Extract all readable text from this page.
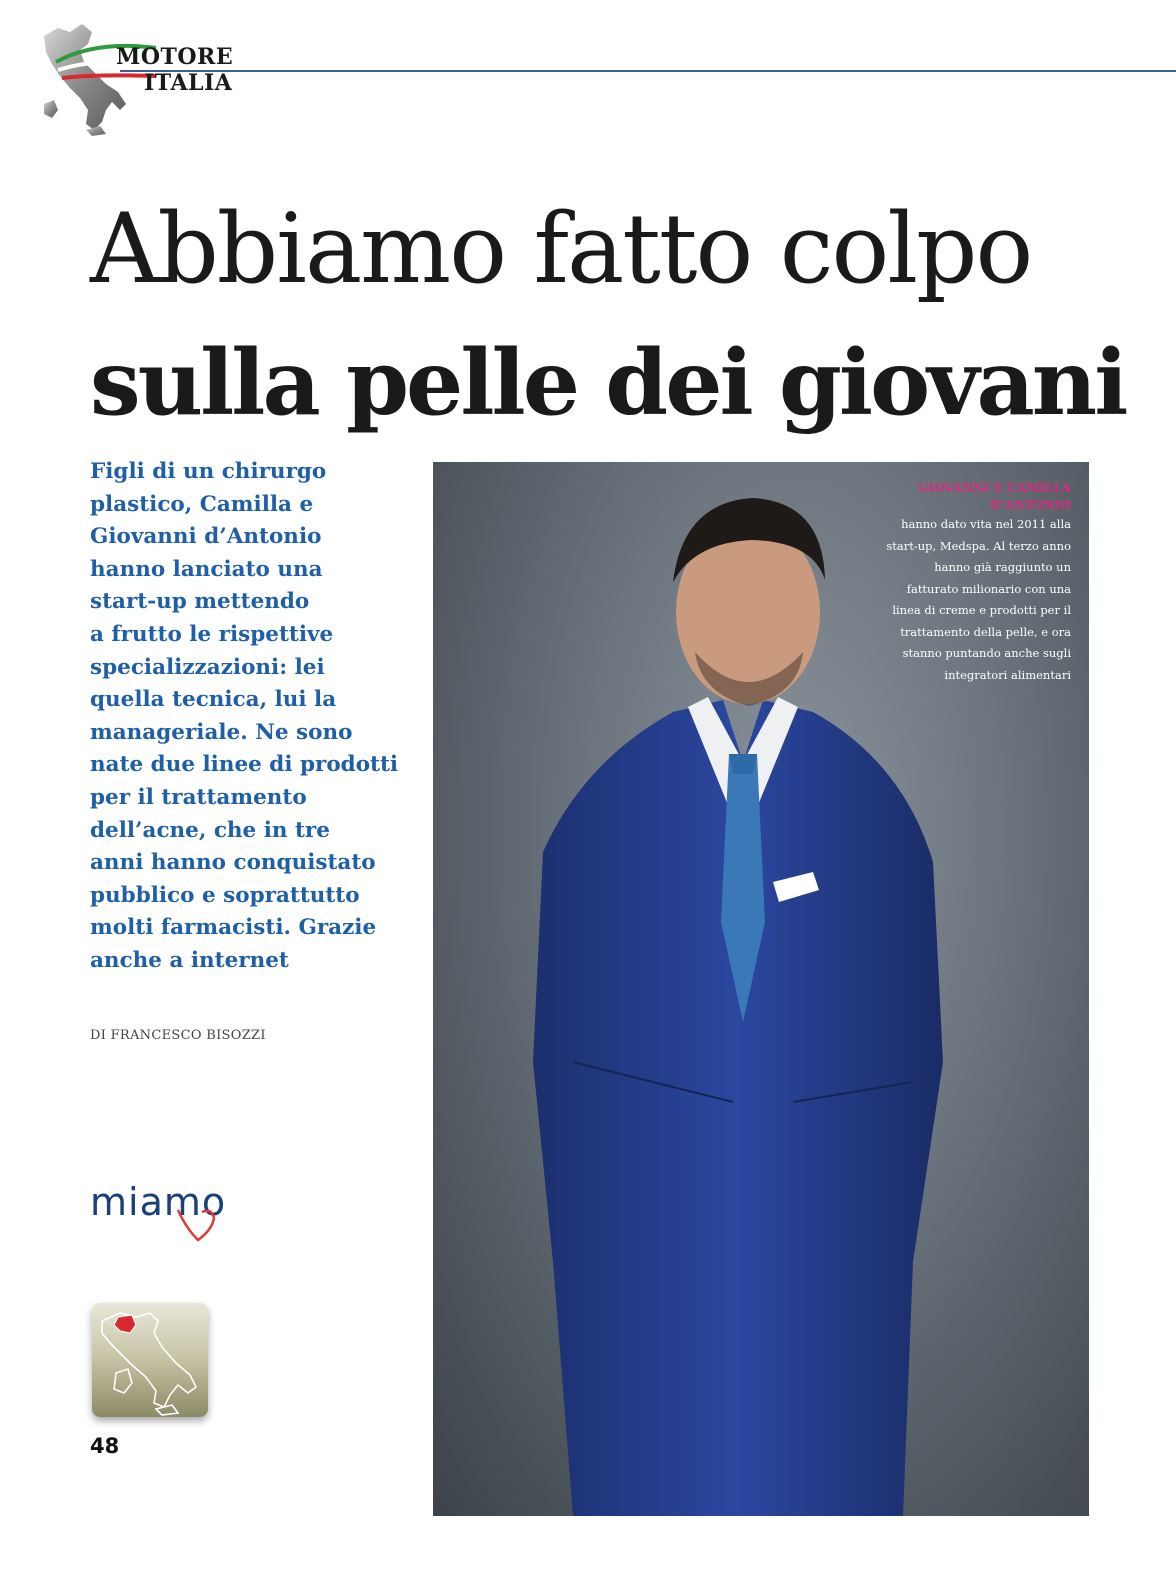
MOTORE
ITALIA
Abbiamo fatto colpo
sulla pelle dei giovani

Figli di un chirurgo
plastico, Camilla e
Giovanni d’Antonio
hanno lanciato una
start-up mettendo
a frutto le rispettive
specializzazioni: lei
quella tecnica, lui la
manageriale. Ne sono
nate due linee di prodotti
per il trattamento
dell’acne, che in tre
anni hanno conquistato
pubblico e soprattutto
molti farmacisti. Grazie
anche a internet

DI FRANCESCO BISOZZI
miamo
48
GIOVANNI E CAMILLA
D’ANTONIO
hanno dato vita nel 2011 alla
start-up, Medspa. Al terzo anno
hanno già raggiunto un
fatturato milionario con una
linea di creme e prodotti per il
trattamento della pelle, e ora
stanno puntando anche sugli
integratori alimentari
